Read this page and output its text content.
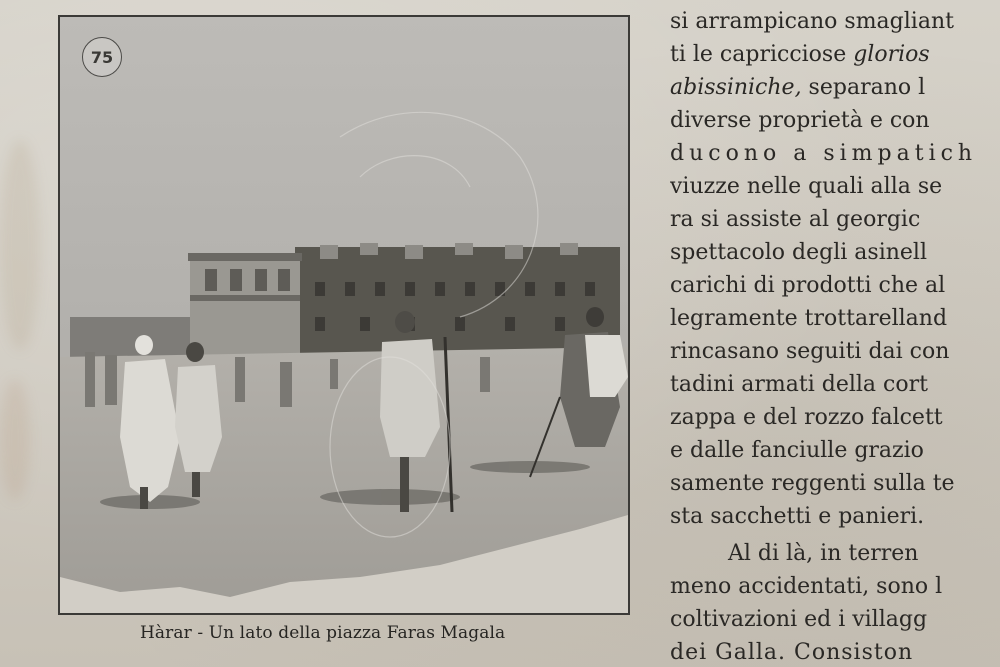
75
Hàrar - Un lato della piazza Faras Magala
si arrampicano smagliant
ti le capricciose glorios
abissiniche, separano l
diverse proprietà e con
ducono a simpatich
viuzze nelle quali alla se
ra si assiste al georgic
spettacolo degli asinell
carichi di prodotti che al
legramente trottarelland
rincasano seguiti dai con
tadini armati della cort
zappa e del rozzo falcett
e dalle fanciulle grazio
samente reggenti sulla te
sta sacchetti e panieri.
Al di là, in terren
meno accidentati, sono l
coltivazioni ed i villagg
dei Galla. Consiston
